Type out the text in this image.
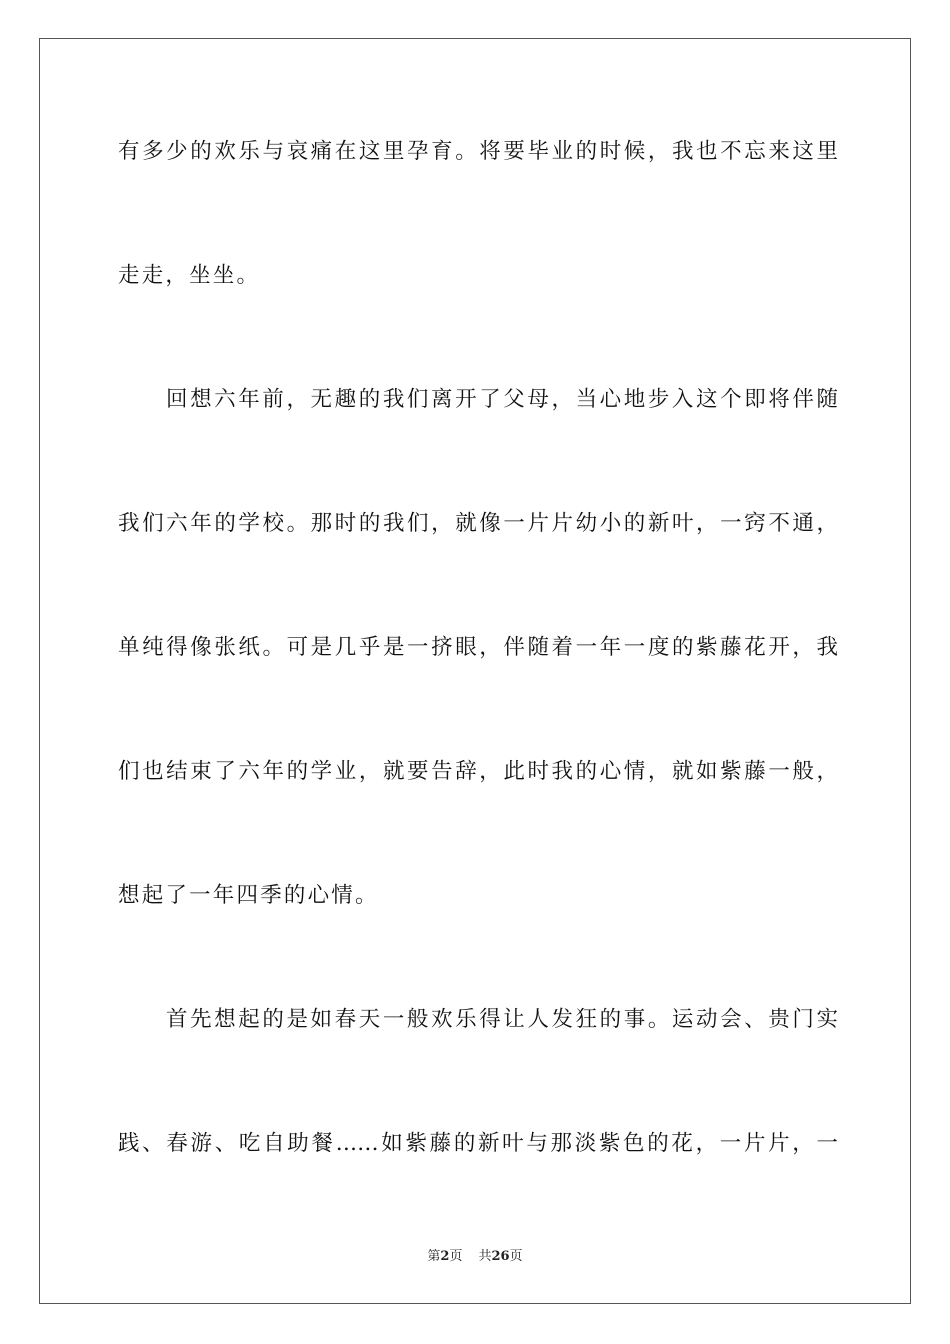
有多少的欢乐与哀痛在这里孕育。将要毕业的时候，我也不忘来这里
走走，坐坐。
回想六年前，无趣的我们离开了父母，当心地步入这个即将伴随
我们六年的学校。那时的我们，就像一片片幼小的新叶，一窍不通，
单纯得像张纸。可是几乎是一挤眼，伴随着一年一度的紫藤花开，我
们也结束了六年的学业，就要告辞，此时我的心情，就如紫藤一般，
想起了一年四季的心情。
首先想起的是如春天一般欢乐得让人发狂的事。运动会、贵门实
践、春游、吃自助餐……如紫藤的新叶与那淡紫色的花，一片片，一
第2页 共26页
